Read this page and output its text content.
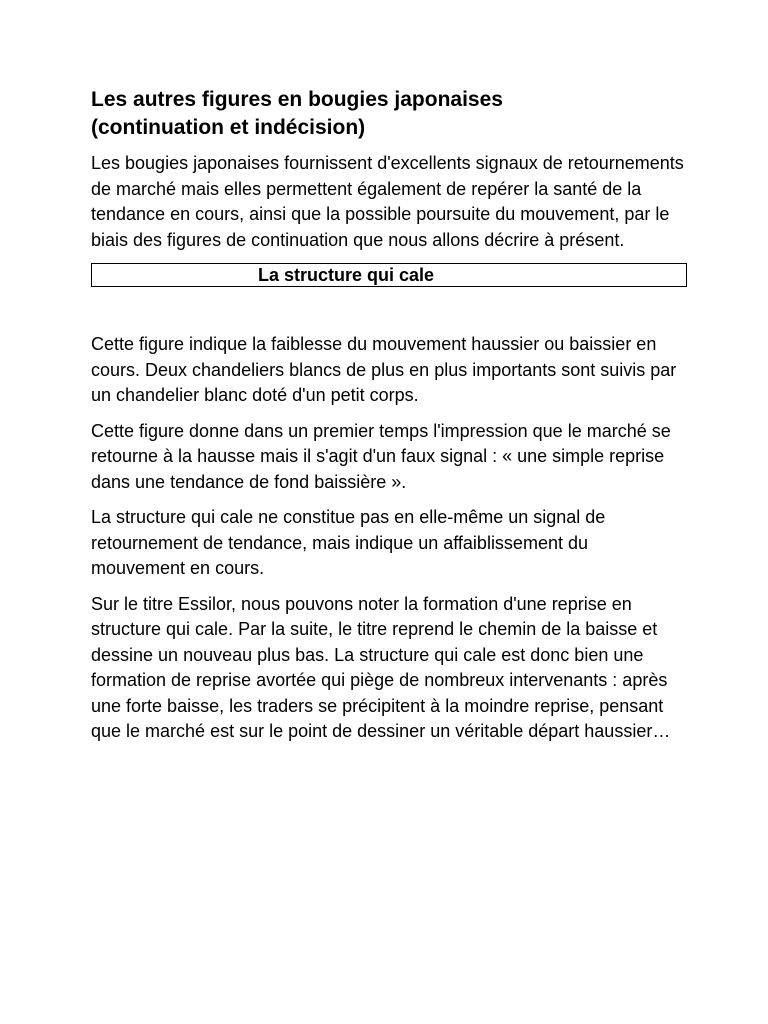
Les autres figures en bougies japonaises
(continuation et indécision)

Les bougies japonaises fournissent d'excellents signaux de retournements de marché mais elles permettent également de repérer la santé de la tendance en cours, ainsi que la possible poursuite du mouvement, par le biais des figures de continuation que nous allons décrire à présent.

La structure qui cale

Cette figure indique la faiblesse du mouvement haussier ou baissier en cours. Deux chandeliers blancs de plus en plus importants sont suivis par un chandelier blanc doté d'un petit corps.

Cette figure donne dans un premier temps l'impression que le marché se retourne à la hausse mais il s'agit d'un faux signal : « une simple reprise dans une tendance de fond baissière ».

La structure qui cale ne constitue pas en elle-même un signal de retournement de tendance, mais indique un affaiblissement du mouvement en cours.

Sur le titre Essilor, nous pouvons noter la formation d'une reprise en structure qui cale. Par la suite, le titre reprend le chemin de la baisse et dessine un nouveau plus bas. La structure qui cale est donc bien une formation de reprise avortée qui piège de nombreux intervenants : après une forte baisse, les traders se précipitent à la moindre reprise, pensant que le marché est sur le point de dessiner un véritable départ haussier…
